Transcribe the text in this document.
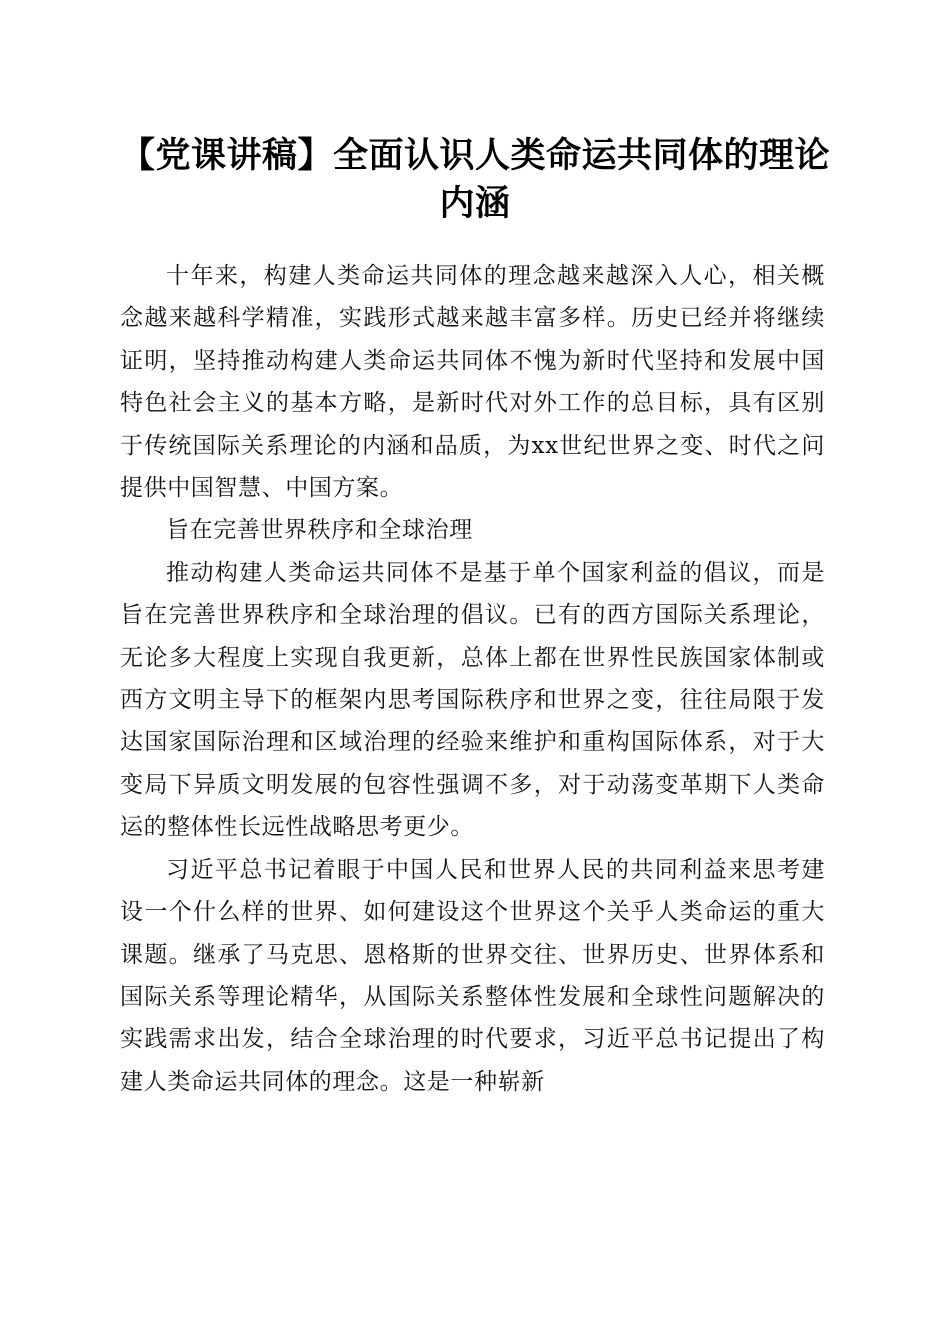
【党课讲稿】全面认识人类命运共同体的理论内涵

十年来，构建人类命运共同体的理念越来越深入人心，相关概念越来越科学精准，实践形式越来越丰富多样。历史已经并将继续证明，坚持推动构建人类命运共同体不愧为新时代坚持和发展中国特色社会主义的基本方略，是新时代对外工作的总目标，具有区别于传统国际关系理论的内涵和品质，为xx世纪世界之变、时代之问提供中国智慧、中国方案。

旨在完善世界秩序和全球治理

推动构建人类命运共同体不是基于单个国家利益的倡议，而是旨在完善世界秩序和全球治理的倡议。已有的西方国际关系理论，无论多大程度上实现自我更新，总体上都在世界性民族国家体制或西方文明主导下的框架内思考国际秩序和世界之变，往往局限于发达国家国际治理和区域治理的经验来维护和重构国际体系，对于大变局下异质文明发展的包容性强调不多，对于动荡变革期下人类命运的整体性长远性战略思考更少。

习近平总书记着眼于中国人民和世界人民的共同利益来思考建设一个什么样的世界、如何建设这个世界这个关乎人类命运的重大课题。继承了马克思、恩格斯的世界交往、世界历史、世界体系和国际关系等理论精华，从国际关系整体性发展和全球性问题解决的实践需求出发，结合全球治理的时代要求，习近平总书记提出了构建人类命运共同体的理念。这是一种崭新
